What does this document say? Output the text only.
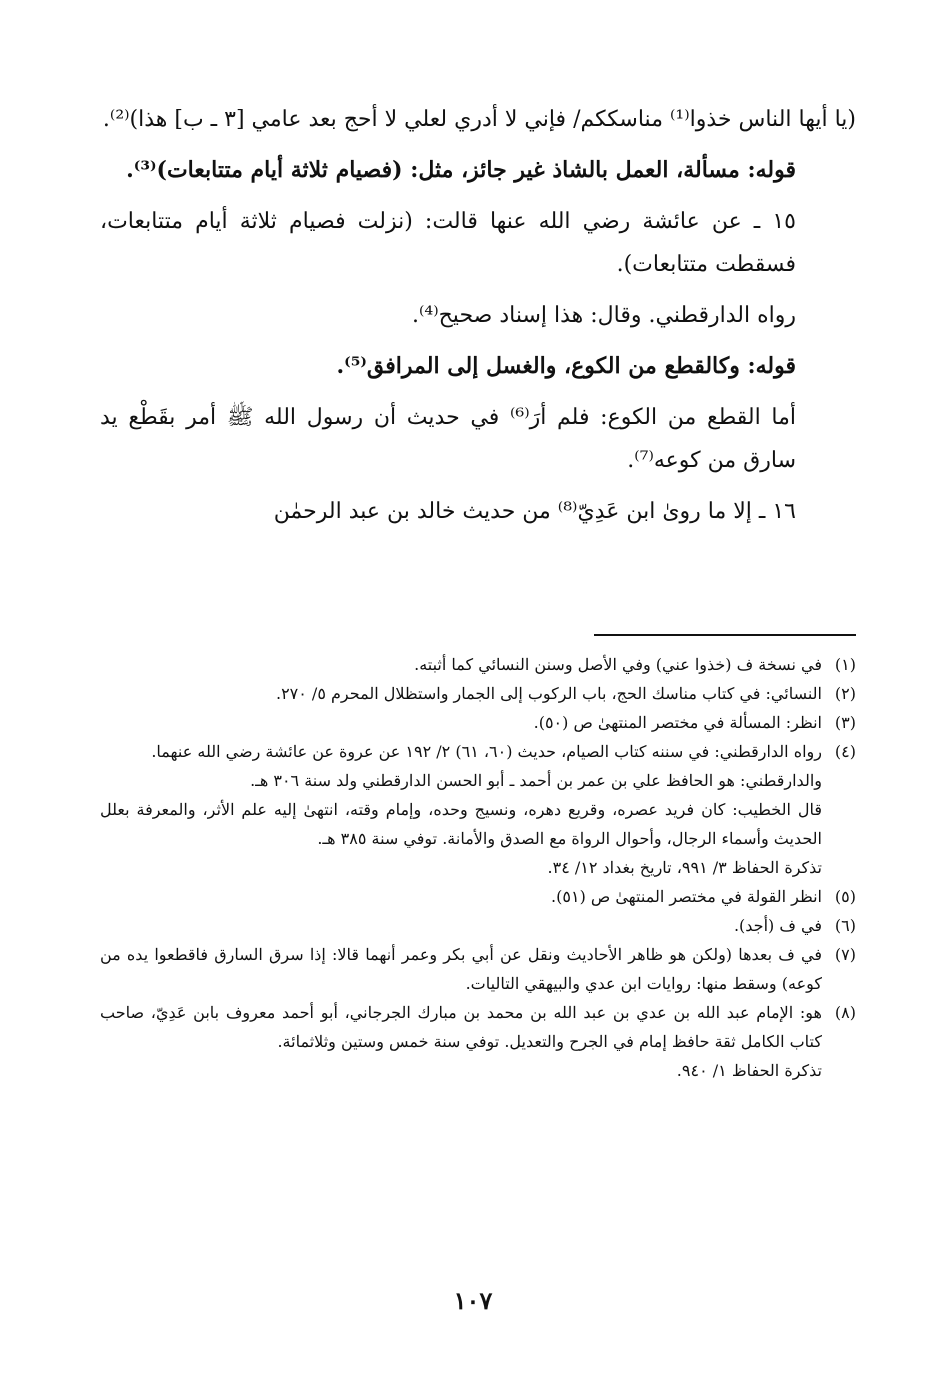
(يا أيها الناس خذوا⁽¹⁾ مناسككم/ فإني لا أدري لعلي لا أحج بعد عامي [٣ ـ ب] هذا)⁽²⁾.

قوله: مسألة، العمل بالشاذ غير جائز، مثل: (فصيام ثلاثة أيام متتابعات)⁽³⁾.

١٥ ـ عن عائشة رضي الله عنها قالت: (نزلت فصيام ثلاثة أيام متتابعات، فسقطت متتابعات).

رواه الدارقطني. وقال: هذا إسناد صحيح⁽⁴⁾.

قوله: وكالقطع من الكوع، والغسل إلى المرافق⁽⁵⁾.

أما القطع من الكوع: فلم أرَ⁽⁶⁾ في حديث أن رسول الله ﷺ أمر بقَطْع يد سارق من كوعه⁽⁷⁾.

١٦ ـ إلا ما روىٰ ابن عَدِيّ⁽⁸⁾ من حديث خالد بن عبد الرحمٰن

(١)
في نسخة ف (خذوا عني) وفي الأصل وسنن النسائي كما أثبته.
(٢)
النسائي: في كتاب مناسك الحج، باب الركوب إلى الجمار واستظلال المحرم ٥/ ٢٧٠.
(٣)
انظر: المسألة في مختصر المنتهىٰ ص (٥٠).
(٤)
رواه الدارقطني: في سننه كتاب الصيام، حديث (٦٠، ٦١) ٢/ ١٩٢ عن عروة عن عائشة رضي الله عنهما.
والدارقطني: هو الحافظ علي بن عمر بن أحمد ـ أبو الحسن الدارقطني ولد سنة ٣٠٦ هـ.
قال الخطيب: كان فريد عصره، وقريع دهره، ونسيج وحده، وإمام وقته، انتهىٰ إليه علم الأثر، والمعرفة بعلل الحديث وأسماء الرجال، وأحوال الرواة مع الصدق والأمانة. توفي سنة ٣٨٥ هـ.
تذكرة الحفاظ ٣/ ٩٩١، تاريخ بغداد ١٢/ ٣٤.
(٥)
انظر القولة في مختصر المنتهىٰ ص (٥١).
(٦)
في ف (أجد).
(٧)
في ف بعدها (ولكن هو ظاهر الأحاديث ونقل عن أبي بكر وعمر أنهما قالا: إذا سرق السارق فاقطعوا يده من كوعه) وسقط منها: روايات ابن عدي والبيهقي التاليات.
(٨)
هو: الإمام عبد الله بن عدي بن عبد الله بن محمد بن مبارك الجرجاني، أبو أحمد معروف بابن عَدِيّ، صاحب كتاب الكامل ثقة حافظ إمام في الجرح والتعديل. توفي سنة خمس وستين وثلاثمائة.
تذكرة الحفاظ ١/ ٩٤٠.
١٠٧
